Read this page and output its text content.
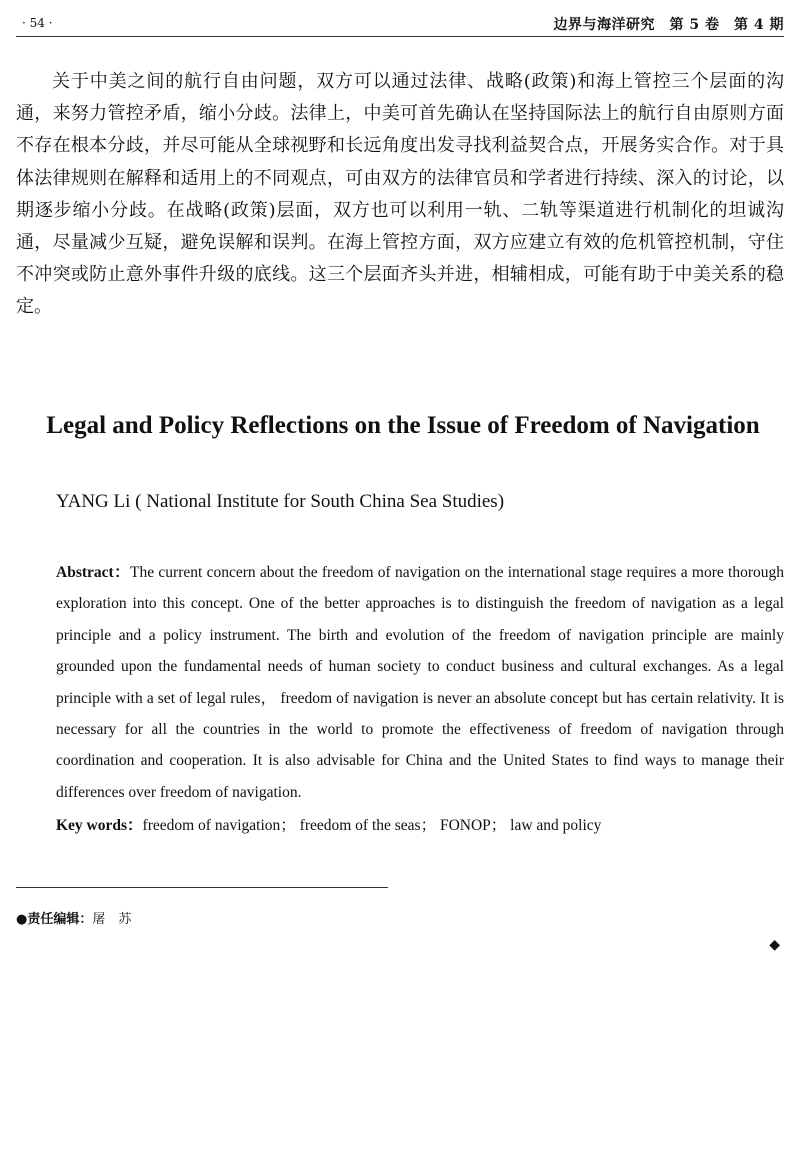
· 54 ·	边界与海洋研究　第 5 卷　第 4 期

关于中美之间的航行自由问题，双方可以通过法律、战略(政策)和海上管控三个层面的沟通，来努力管控矛盾，缩小分歧。法律上，中美可首先确认在坚持国际法上的航行自由原则方面不存在根本分歧，并尽可能从全球视野和长远角度出发寻找利益契合点，开展务实合作。对于具体法律规则在解释和适用上的不同观点，可由双方的法律官员和学者进行持续、深入的讨论，以期逐步缩小分歧。在战略(政策)层面，双方也可以利用一轨、二轨等渠道进行机制化的坦诚沟通，尽量减少互疑，避免误解和误判。在海上管控方面，双方应建立有效的危机管控机制，守住不冲突或防止意外事件升级的底线。这三个层面齐头并进，相辅相成，可能有助于中美关系的稳定。

Legal and Policy Reflections on the Issue of Freedom of Navigation

YANG Li ( National Institute for South China Sea Studies)

Abstract：The current concern about the freedom of navigation on the international stage requires a more thorough exploration into this concept. One of the better approaches is to distinguish the freedom of navigation as a legal principle and a policy instrument. The birth and evolution of the freedom of navigation principle are mainly grounded upon the fundamental needs of human society to conduct business and cultural exchanges. As a legal principle with a set of legal rules， freedom of navigation is never an absolute concept but has certain relativity. It is necessary for all the countries in the world to promote the effectiveness of freedom of navigation through coordination and cooperation. It is also advisable for China and the United States to find ways to manage their differences over freedom of navigation.

Key words：freedom of navigation； freedom of the seas； FONOP； law and policy

●责任编辑：屠　苏

◆
